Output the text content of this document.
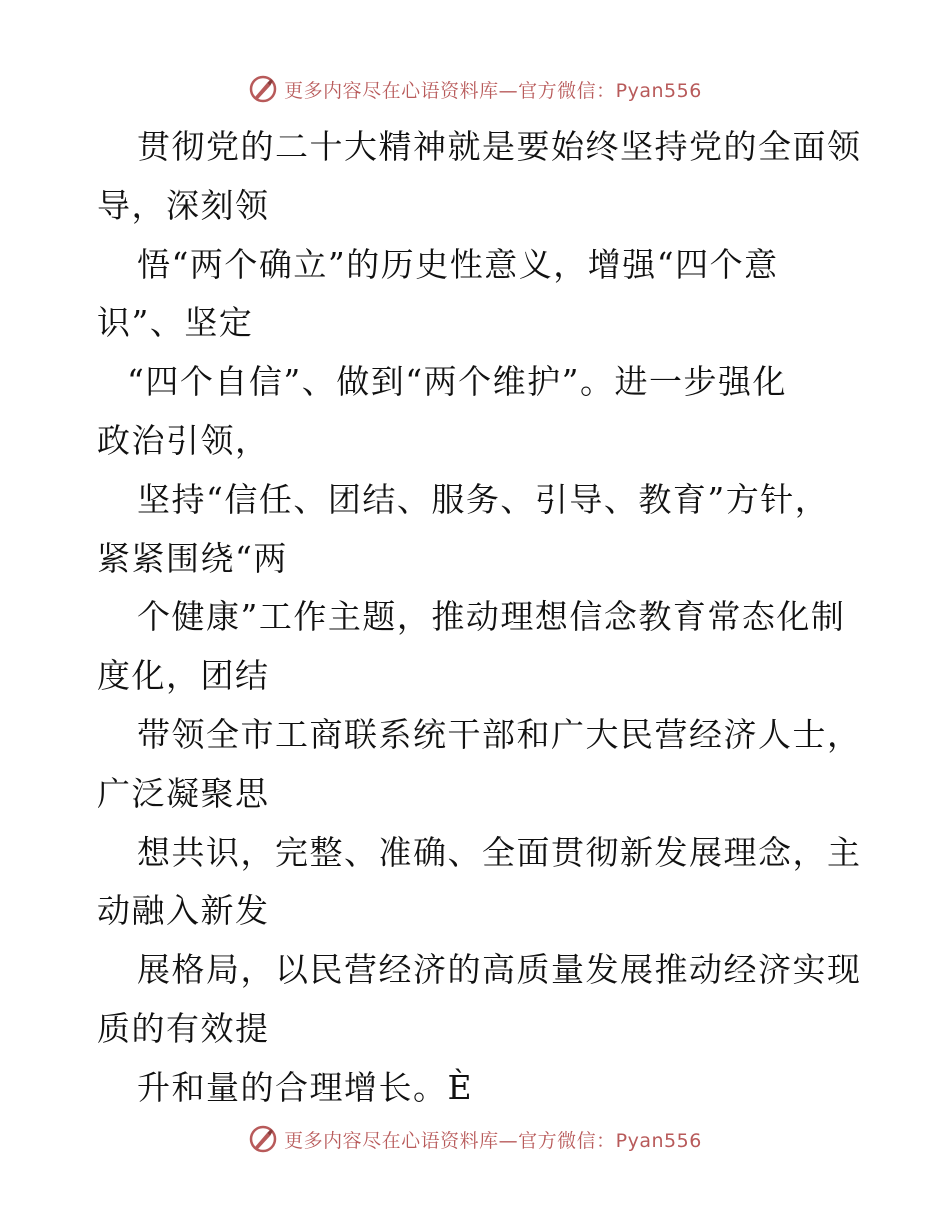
更多内容尽在心语资料库—官方微信：Pyan556
贯彻党的二十大精神就是要始终坚持党的全面领
导，深刻领
悟“两个确立”的历史性意义，增强“四个意
识”、坚定
“四个自信”、做到“两个维护”。进一步强化
政治引领，
坚持“信任、团结、服务、引导、教育”方针，
紧紧围绕“两
个健康”工作主题，推动理想信念教育常态化制
度化，团结
带领全市工商联系统干部和广大民营经济人士，
广泛凝聚思
想共识，完整、准确、全面贯彻新发展理念，主
动融入新发
展格局，以民营经济的高质量发展推动经济实现
质的有效提
升和量的合理增长。È
更多内容尽在心语资料库—官方微信：Pyan556
